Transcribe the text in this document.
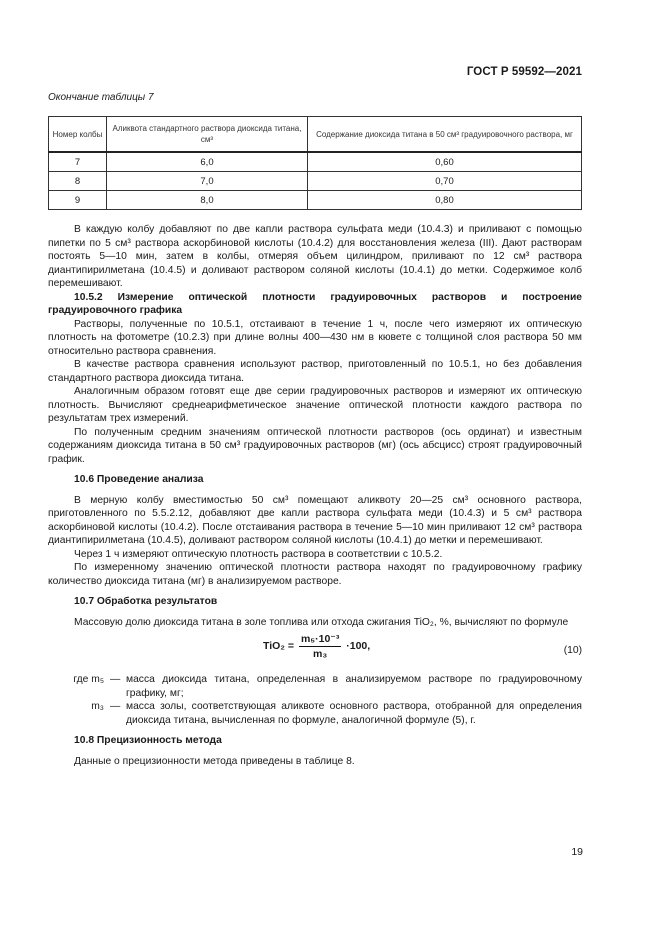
ГОСТ Р 59592—2021
Окончание таблицы 7
Номер колбы	Аликвота стандартного раствора диоксида титана, см³	Содержание диоксида титана в 50 см³ градуировочного раствора, мг
7	6,0	0,60
8	7,0	0,70
9	8,0	0,80

В каждую колбу добавляют по две капли раствора сульфата меди (10.4.3) и приливают с помощью пипетки по 5 см³ раствора аскорбиновой кислоты (10.4.2) для восстановления железа (III). Дают растворам постоять 5—10 мин, затем в колбы, отмеряя объем цилиндром, приливают по 12 см³ раствора диантипирилметана (10.4.5) и доливают раствором соляной кислоты (10.4.1) до метки. Содержимое колб перемешивают.

10.5.2 Измерение оптической плотности градуировочных растворов и построение градуировочного графика

Растворы, полученные по 10.5.1, отстаивают в течение 1 ч, после чего измеряют их оптическую плотность на фотометре (10.2.3) при длине волны 400—430 нм в кювете с толщиной слоя раствора 50 мм относительно раствора сравнения.

В качестве раствора сравнения используют раствор, приготовленный по 10.5.1, но без добавления стандартного раствора диоксида титана.

Аналогичным образом готовят еще две серии градуировочных растворов и измеряют их оптическую плотность. Вычисляют среднеарифметическое значение оптической плотности каждого раствора по результатам трех измерений.

По полученным средним значениям оптической плотности растворов (ось ординат) и известным содержаниям диоксида титана в 50 см³ градуировочных растворов (мг) (ось абсцисс) строят градуировочный график.

10.6 Проведение анализа

В мерную колбу вместимостью 50 см³ помещают аликвоту 20—25 см³ основного раствора, приготовленного по 5.5.2.12, добавляют две капли раствора сульфата меди (10.4.3) и 5 см³ раствора аскорбиновой кислоты (10.4.2). После отстаивания раствора в течение 5—10 мин приливают 12 см³ раствора диантипирилметана (10.4.5), доливают раствором соляной кислоты (10.4.1) до метки и перемешивают.

Через 1 ч измеряют оптическую плотность раствора в соответствии с 10.5.2.

По измеренному значению оптической плотности раствора находят по градуировочному графику количество диоксида титана (мг) в анализируемом растворе.

10.7 Обработка результатов

Массовую долю диоксида титана в золе топлива или отхода сжигания TiO₂, %, вычисляют по формуле

$TiO_2 = \frac{\text{m₅·10⁻³}}{\text{m₃}} \cdot 100$,	(10)
где m₅ — масса диоксида титана, определенная в анализируемом растворе по градуировочному графику, мг;
m₃ — масса золы, соответствующая аликвоте основного раствора, отобранной для определения диоксида титана, вычисленная по формуле, аналогичной формуле (5), г.

10.8 Прецизионность метода

Данные о прецизионности метода приведены в таблице 8.

19
